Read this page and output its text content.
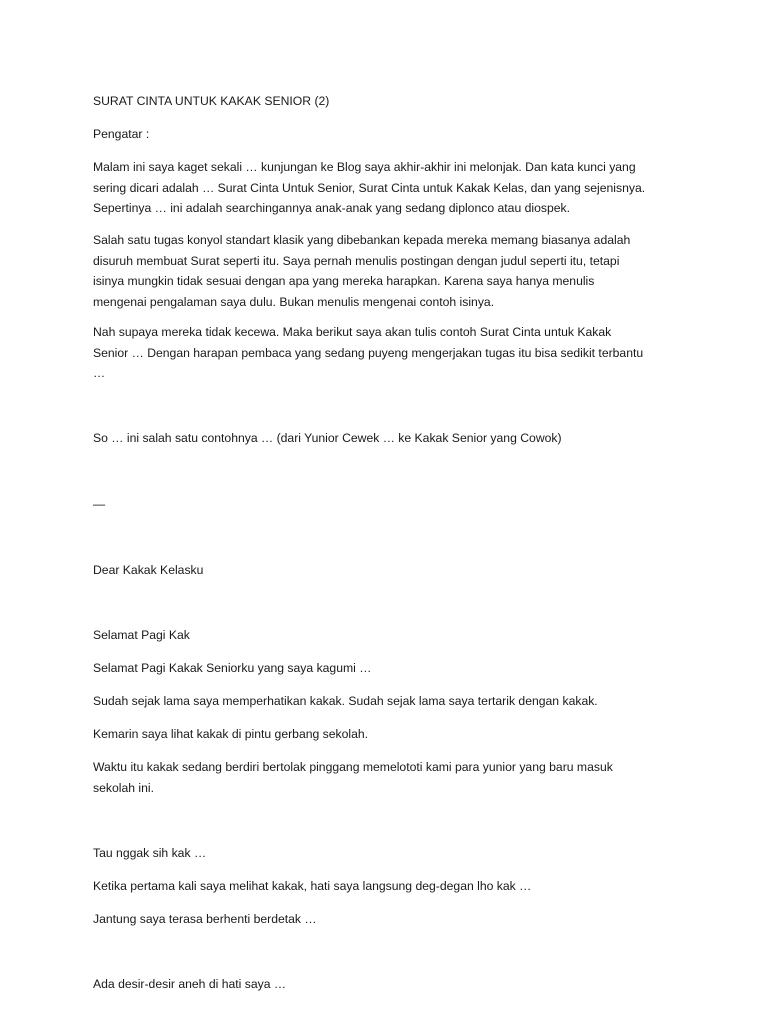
SURAT CINTA UNTUK KAKAK SENIOR (2)

Pengatar :

Malam ini saya kaget sekali … kunjungan ke Blog saya akhir-akhir ini melonjak. Dan kata kunci yang
sering dicari adalah … Surat Cinta Untuk Senior, Surat Cinta untuk Kakak Kelas, dan yang sejenisnya.
Sepertinya … ini adalah searchingannya anak-anak yang sedang diplonco atau diospek.
Salah satu tugas konyol standart klasik yang dibebankan kepada mereka memang biasanya adalah
disuruh membuat Surat seperti itu. Saya pernah menulis postingan dengan judul seperti itu, tetapi
isinya mungkin tidak sesuai dengan apa yang mereka harapkan. Karena saya hanya menulis
mengenai pengalaman saya dulu. Bukan menulis mengenai contoh isinya.
Nah supaya mereka tidak kecewa. Maka berikut saya akan tulis contoh Surat Cinta untuk Kakak
Senior … Dengan harapan pembaca yang sedang puyeng mengerjakan tugas itu bisa sedikit terbantu
…

So … ini salah satu contohnya … (dari Yunior Cewek … ke Kakak Senior yang Cowok)

—

Dear Kakak Kelasku

Selamat Pagi Kak

Selamat Pagi Kakak Seniorku yang saya kagumi …

Sudah sejak lama saya memperhatikan kakak. Sudah sejak lama saya tertarik dengan kakak.

Kemarin saya lihat kakak di pintu gerbang sekolah.

Waktu itu kakak sedang berdiri bertolak pinggang memelototi kami para yunior yang baru masuk
sekolah ini.

Tau nggak sih kak …

Ketika pertama kali saya melihat kakak, hati saya langsung deg-degan lho kak …

Jantung saya terasa berhenti berdetak …

Ada desir-desir aneh di hati saya …
